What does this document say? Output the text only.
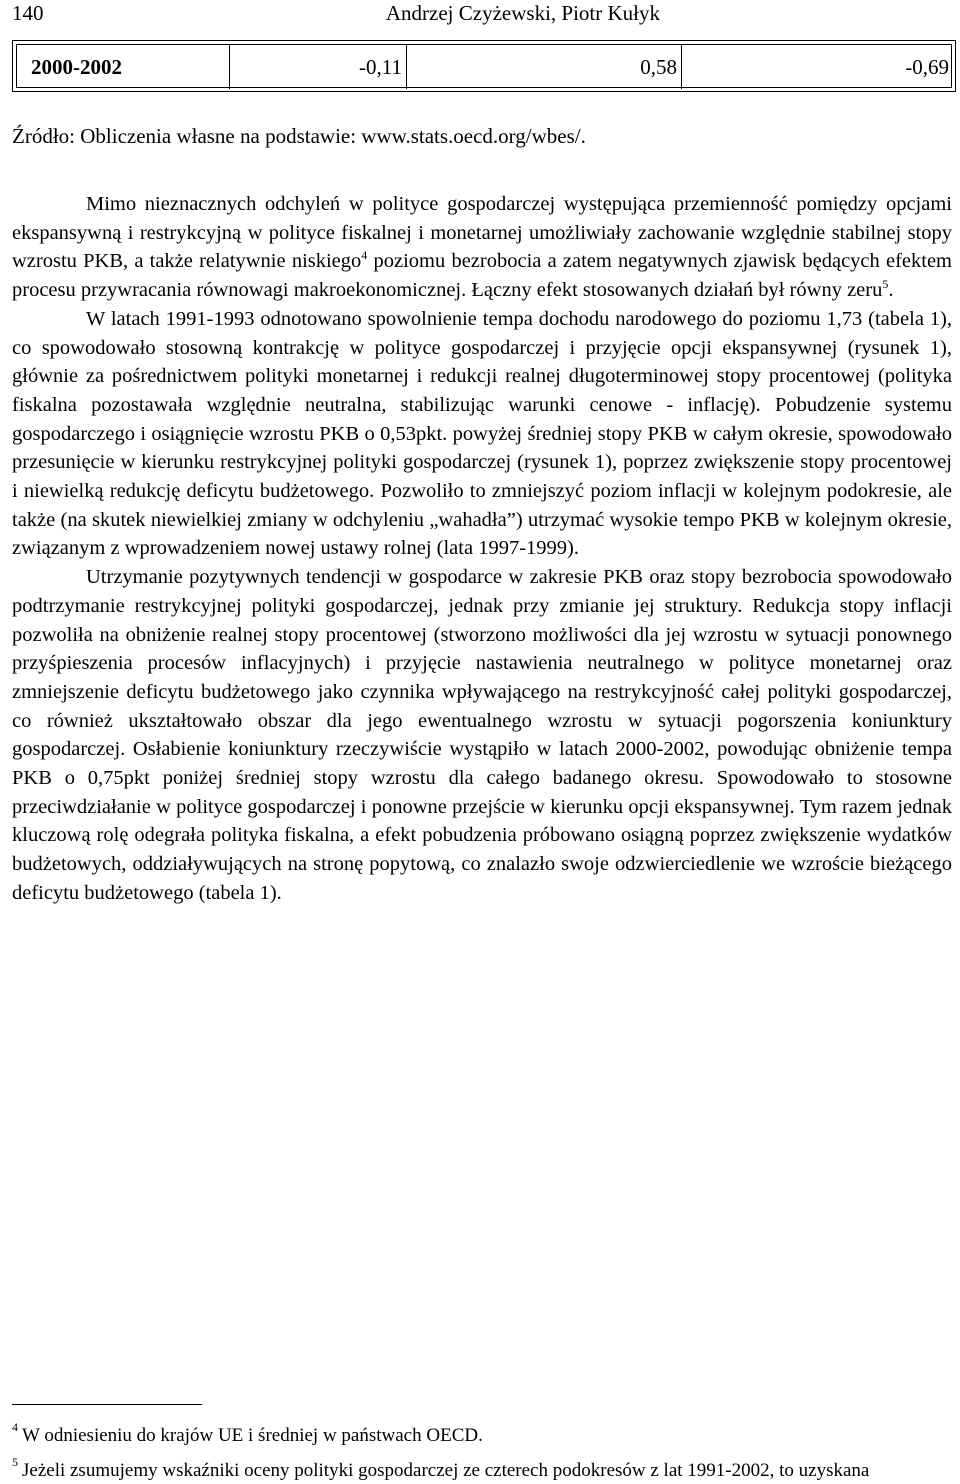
140	Andrzej Czyżewski, Piotr Kułyk
2000-2002	-0,11	0,58	-0,69
Źródło: Obliczenia własne na podstawie: www.stats.oecd.org/wbes/.

Mimo nieznacznych odchyleń w polityce gospodarczej występująca przemienność pomiędzy opcjami ekspansywną i restrykcyjną w polityce fiskalnej i monetarnej umożliwiały zachowanie względnie stabilnej stopy wzrostu PKB, a także relatywnie niskiego$^4$ poziomu bezrobocia a zatem negatywnych zjawisk będących efektem procesu przywracania równowagi makroekonomicznej. Łączny efekt stosowanych działań był równy zeru$^5$.

W latach 1991-1993 odnotowano spowolnienie tempa dochodu narodowego do poziomu 1,73 (tabela 1), co spowodowało stosowną kontrakcję w polityce gospodarczej i przyjęcie opcji ekspansywnej (rysunek 1), głównie za pośrednictwem polityki monetarnej i redukcji realnej długoterminowej stopy procentowej (polityka fiskalna pozostawała względnie neutralna, stabilizując warunki cenowe - inflację). Pobudzenie systemu gospodarczego i osiągnięcie wzrostu PKB o 0,53pkt. powyżej średniej stopy PKB w całym okresie, spowodowało przesunięcie w kierunku restrykcyjnej polityki gospodarczej (rysunek 1), poprzez zwiększenie stopy procentowej i niewielką redukcję deficytu budżetowego. Pozwoliło to zmniejszyć poziom inflacji w kolejnym podokresie, ale także (na skutek niewielkiej zmiany w odchyleniu „wahadła”) utrzymać wysokie tempo PKB w kolejnym okresie, związanym z wprowadzeniem nowej ustawy rolnej (lata 1997-1999).

Utrzymanie pozytywnych tendencji w gospodarce w zakresie PKB oraz stopy bezrobocia spowodowało podtrzymanie restrykcyjnej polityki gospodarczej, jednak przy zmianie jej struktury. Redukcja stopy inflacji pozwoliła na obniżenie realnej stopy procentowej (stworzono możliwości dla jej wzrostu w sytuacji ponownego przyśpieszenia procesów inflacyjnych) i przyjęcie nastawienia neutralnego w polityce monetarnej oraz zmniejszenie deficytu budżetowego jako czynnika wpływającego na restrykcyjność całej polityki gospodarczej, co również ukształtowało obszar dla jego ewentualnego wzrostu w sytuacji pogorszenia koniunktury gospodarczej. Osłabienie koniunktury rzeczywiście wystąpiło w latach 2000-2002, powodując obniżenie tempa PKB o 0,75pkt poniżej średniej stopy wzrostu dla całego badanego okresu. Spowodowało to stosowne przeciwdziałanie w polityce gospodarczej i ponowne przejście w kierunku opcji ekspansywnej. Tym razem jednak kluczową rolę odegrała polityka fiskalna, a efekt pobudzenia próbowano osiągną poprzez zwiększenie wydatków budżetowych, oddziaływujących na stronę popytową, co znalazło swoje odzwierciedlenie we wzroście bieżącego deficytu budżetowego (tabela 1).

$^4$ W odniesieniu do krajów UE i średniej w państwach OECD.
$^5$ Jeżeli zsumujemy wskaźniki oceny polityki gospodarczej ze czterech podokresów z lat 1991-2002, to uzyskana
